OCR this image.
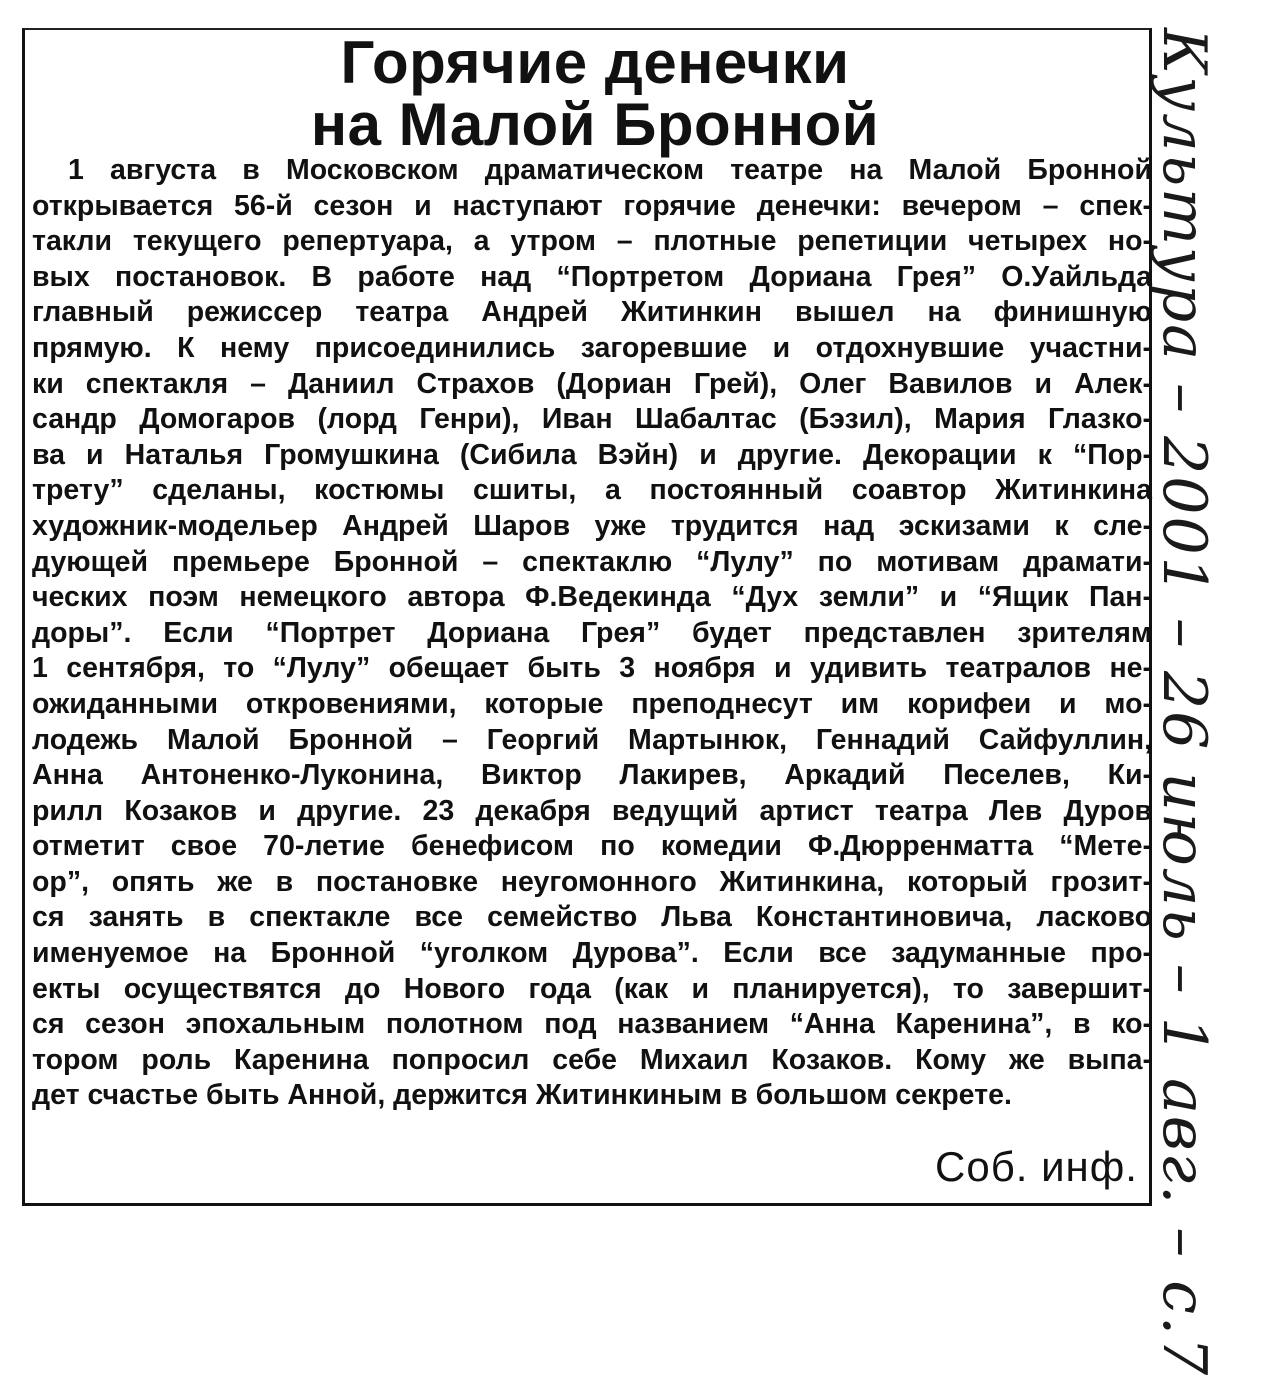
Горячие денечки
на Малой Бронной
1 августа в Московском драматическом театре на Малой Бронной
открывается 56-й сезон и наступают горячие денечки: вечером – спек-
такли текущего репертуара, а утром – плотные репетиции четырех но-
вых постановок. В работе над “Портретом Дориана Грея” О.Уайльда
главный режиссер театра Андрей Житинкин вышел на финишную
прямую. К нему присоединились загоревшие и отдохнувшие участни-
ки спектакля – Даниил Страхов (Дориан Грей), Олег Вавилов и Алек-
сандр Домогаров (лорд Генри), Иван Шабалтас (Бэзил), Мария Глазко-
ва и Наталья Громушкина (Сибила Вэйн) и другие. Декорации к “Пор-
трету” сделаны, костюмы сшиты, а постоянный соавтор Житинкина
художник-модельер Андрей Шаров уже трудится над эскизами к сле-
дующей премьере Бронной – спектаклю “Лулу” по мотивам драмати-
ческих поэм немецкого автора Ф.Ведекинда “Дух земли” и “Ящик Пан-
доры”. Если “Портрет Дориана Грея” будет представлен зрителям
1 сентября, то “Лулу” обещает быть 3 ноября и удивить театралов не-
ожиданными откровениями, которые преподнесут им корифеи и мо-
лодежь Малой Бронной – Георгий Мартынюк, Геннадий Сайфуллин,
Анна Антоненко-Луконина, Виктор Лакирев, Аркадий Песелев, Ки-
рилл Козаков и другие. 23 декабря ведущий артист театра Лев Дуров
отметит свое 70-летие бенефисом по комедии Ф.Дюрренматта “Мете-
ор”, опять же в постановке неугомонного Житинкина, который грозит-
ся занять в спектакле все семейство Льва Константиновича, ласково
именуемое на Бронной “уголком Дурова”. Если все задуманные про-
екты осуществятся до Нового года (как и планируется), то завершит-
ся сезон эпохальным полотном под названием “Анна Каренина”, в ко-
тором роль Каренина попросил себе Михаил Козаков. Кому же выпа-
дет счастье быть Анной, держится Житинкиным в большом секрете.

Соб. инф. Культура – 2001 – 26 июль – 1 авг. – с.7
